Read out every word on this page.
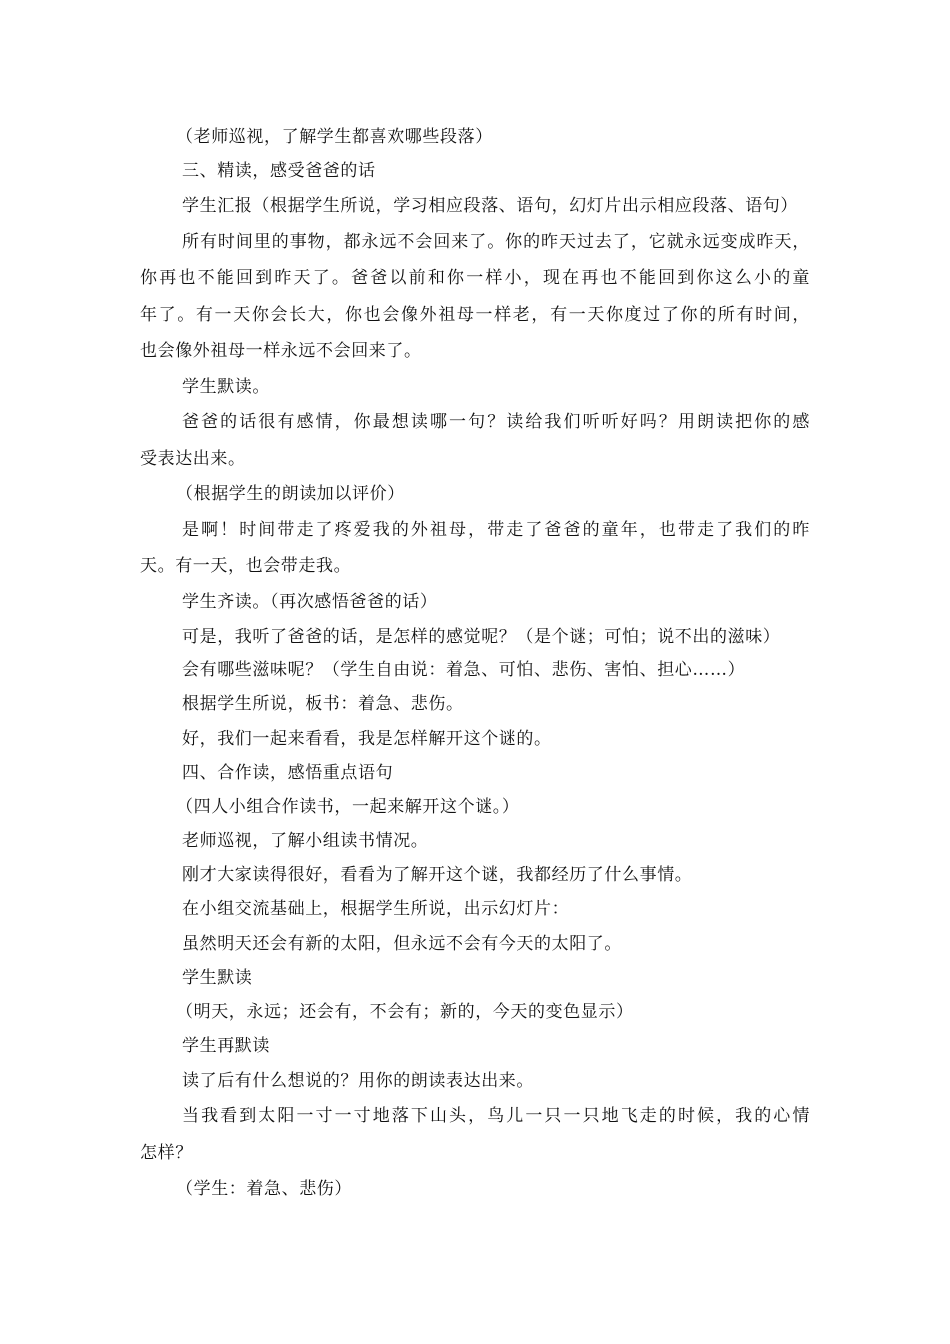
（老师巡视，了解学生都喜欢哪些段落）
三、精读，感受爸爸的话
学生汇报（根据学生所说，学习相应段落、语句，幻灯片出示相应段落、语句）
所有时间里的事物，都永远不会回来了。你的昨天过去了，它就永远变成昨天，
你再也不能回到昨天了。爸爸以前和你一样小，现在再也不能回到你这么小的童
年了。有一天你会长大，你也会像外祖母一样老，有一天你度过了你的所有时间，
也会像外祖母一样永远不会回来了。
学生默读。
爸爸的话很有感情，你最想读哪一句？读给我们听听好吗？用朗读把你的感
受表达出来。
（根据学生的朗读加以评价）
是啊！时间带走了疼爱我的外祖母，带走了爸爸的童年，也带走了我们的昨
天。有一天，也会带走我。
学生齐读。（再次感悟爸爸的话）
可是，我听了爸爸的话，是怎样的感觉呢？（是个谜；可怕；说不出的滋味）
会有哪些滋味呢？（学生自由说：着急、可怕、悲伤、害怕、担心……）
根据学生所说，板书：着急、悲伤。
好，我们一起来看看，我是怎样解开这个谜的。
四、合作读，感悟重点语句
（四人小组合作读书，一起来解开这个谜。）
老师巡视，了解小组读书情况。
刚才大家读得很好，看看为了解开这个谜，我都经历了什么事情。
在小组交流基础上，根据学生所说，出示幻灯片：
虽然明天还会有新的太阳，但永远不会有今天的太阳了。
学生默读
（明天，永远；还会有，不会有；新的，今天的变色显示）
学生再默读
读了后有什么想说的？用你的朗读表达出来。
当我看到太阳一寸一寸地落下山头，鸟儿一只一只地飞走的时候，我的心情
怎样？
（学生：着急、悲伤）
